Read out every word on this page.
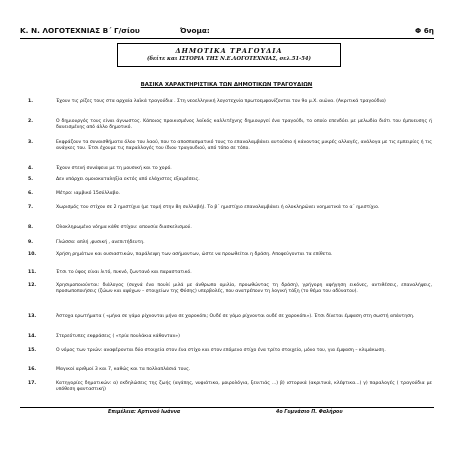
Κ. Ν. ΛΟΓΟΤΕΧΝΙΑΣ Β΄ Γ/σίου	Όνομα:	Φ 6η
ΔΗΜΟΤΙΚΑ ΤΡΑΓΟΥΔΙΑ
(δείτε και ΙΣΤΟΡΙΑ ΤΗΣ Ν.Ε.ΛΟΓΟΤΕΧΝΙΑΣ, σελ.51-54)
ΒΑΣΙΚΑ ΧΑΡΑΚΤΗΡΙΣΤΙΚΑ ΤΩΝ ΔΗΜΟΤΙΚΩΝ ΤΡΑΓΟΥΔΙΩΝ
1.	Έχουν τις ρίζες τους στα αρχαία λαϊκά τραγούδια . Στη νεοελληνική λογοτεχνία πρωτοεμφανίζονται τον 9ο μ.Χ. αιώνα. (Ακριτικά τραγούδια)
2.	Ο δημιουργός τους είναι άγνωστος. Κάποιος προικισμένος λαϊκός καλλιτέχνης δημιουργεί ένα τραγούδι, το οποίο επενδύει με μελωδία διότι του έμπνευσης ή δανεισμένης από άλλο δημοτικό.
3.	Εκφράζουν τα συναισθήματα όλου του λαού, που το αποσπασματικό τους το επαναλαμβάνει αυτούσιο ή κάνοντας μικρές αλλαγές, ανάλογα με τις εμπειρίες ή τις ανάγκες του. Έτσι έχουμε τις παραλλαγές του ίδιου τραγουδιού, από τόπο σε τόπο.
4.	Έχουν στενή συνάφεια με τη μουσική και το χορό.
5.	Δεν υπάρχει ομοιοκαταληξία εκτός από ελάχιστες εξαιρέσεις.
6.	Μέτρο: ιαμβικό 15σύλλαβο.
7.	Χωρισμός του στίχου σε 2 ημιστίχια (με τομή στην 8η συλλαβή). Το β΄ ημιστίχιο επαναλαμβάνει ή ολοκληρώνει νοηματικά το α΄ ημιστίχιο.
8.	Ολοκληρωμένο νόημα κάθε στίχου: απουσία διασκελισμού.
9.	Γλώσσα: απλή ,φυσική , ανεπιτήδευτη.
10.	Χρήση ρημάτων και ουσιαστικών, παράλειψη των ασήμαντων, ώστε να προωθείται η δράση. Αποφεύγονται τα επίθετα.
11.	Έτσι το ύφος είναι λιτό, πυκνό, ζωντανό και παραστατικό.
12.	Χρησιμοποιούνται: διάλογος (συχνά ένα πουλί μιλά με άνθρωπο ομιλία, προωθώντας τη δράση), γρήγορη αφήγηση εικόνες, αντιθέσεις, επαναλήψεις, προσωποποιήσεις (ζώων και αψύχων – στοιχείων της Φύσης) υπερβολές, που ανατρέπουν τη λογική τάξη (το θέμα του αδύνατου).
13.	Άστοχα ερωτήματα ( «μήνα σε γάμο ρίχνονται μήνα σε χαροκόπι; Ουδέ σε γάμο ρίχνονται ουδέ σε χαροκόπι»). Έτσι δίνεται έμφαση στη σωστή απάντηση.
14.	Στερεότυπες εκφράσεις ( «τρία πουλάκια κάθονταν»)
15.	Ο νόμος των τριών: αναφέρονται δύο στοιχεία στον ένα στίχο και στον επόμενο στίχο ένα τρίτο στοιχείο, μόνο του, για έμφαση – κλιμάκωση.
16.	Μαγικοί αριθμοί 3 και 7, καθώς και τα πολλαπλάσιά τους.
17.	Κατηγορίες δημοτικών: α) εκδηλώσεις της ζωής (αγάπης, νυφιάτικα, μοιρολόγια, ξενιτιάς ...) β) ιστορικά (ακριτικά, κλέφτικα...) γ) παραλογές ( τραγούδια με υπόθεση φανταστική)
Επιμέλεια: Αρτινού Ιωάννα	4ο Γυμνάσιο Π. Φαλήρου
